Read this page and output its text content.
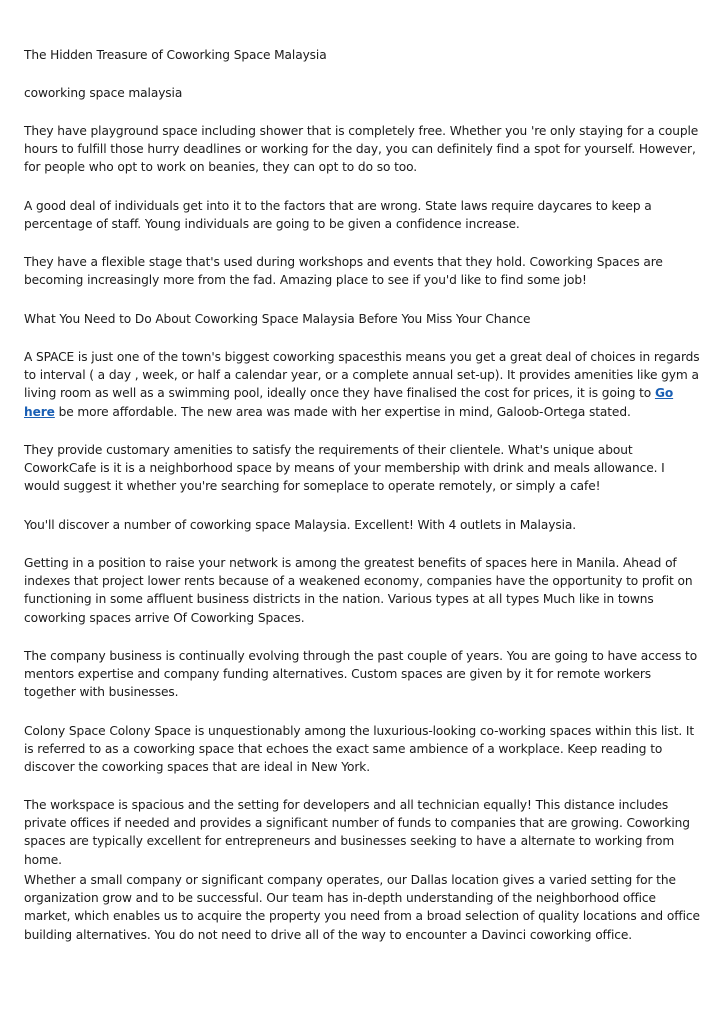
The Hidden Treasure of Coworking Space Malaysia

coworking space malaysia

They have playground space including shower that is completely free. Whether you 're only staying for a couple hours to fulfill those hurry deadlines or working for the day, you can definitely find a spot for yourself. However, for people who opt to work on beanies, they can opt to do so too.

A good deal of individuals get into it to the factors that are wrong. State laws require daycares to keep a percentage of staff. Young individuals are going to be given a confidence increase.

They have a flexible stage that's used during workshops and events that they hold. Coworking Spaces are becoming increasingly more from the fad. Amazing place to see if you'd like to find some job!

What You Need to Do About Coworking Space Malaysia Before You Miss Your Chance

A SPACE is just one of the town's biggest coworking spacesthis means you get a great deal of choices in regards to interval ( a day , week, or half a calendar year, or a complete annual set-up). It provides amenities like gym a living room as well as a swimming pool, ideally once they have finalised the cost for prices, it is going to Go here be more affordable. The new area was made with her expertise in mind, Galoob-Ortega stated.

They provide customary amenities to satisfy the requirements of their clientele. What's unique about CoworkCafe is it is a neighborhood space by means of your membership with drink and meals allowance. I would suggest it whether you're searching for someplace to operate remotely, or simply a cafe!

You'll discover a number of coworking space Malaysia. Excellent! With 4 outlets in Malaysia.

Getting in a position to raise your network is among the greatest benefits of spaces here in Manila. Ahead of indexes that project lower rents because of a weakened economy, companies have the opportunity to profit on functioning in some affluent business districts in the nation. Various types at all types Much like in towns coworking spaces arrive Of Coworking Spaces.

The company business is continually evolving through the past couple of years. You are going to have access to mentors expertise and company funding alternatives. Custom spaces are given by it for remote workers together with businesses.

Colony Space Colony Space is unquestionably among the luxurious-looking co-working spaces within this list. It is referred to as a coworking space that echoes the exact same ambience of a workplace. Keep reading to discover the coworking spaces that are ideal in New York.

The workspace is spacious and the setting for developers and all technician equally! This distance includes private offices if needed and provides a significant number of funds to companies that are growing. Coworking spaces are typically excellent for entrepreneurs and businesses seeking to have a alternate to working from home.

Whether a small company or significant company operates, our Dallas location gives a varied setting for the organization grow and to be successful. Our team has in-depth understanding of the neighborhood office market, which enables us to acquire the property you need from a broad selection of quality locations and office building alternatives. You do not need to drive all of the way to encounter a Davinci coworking office.
